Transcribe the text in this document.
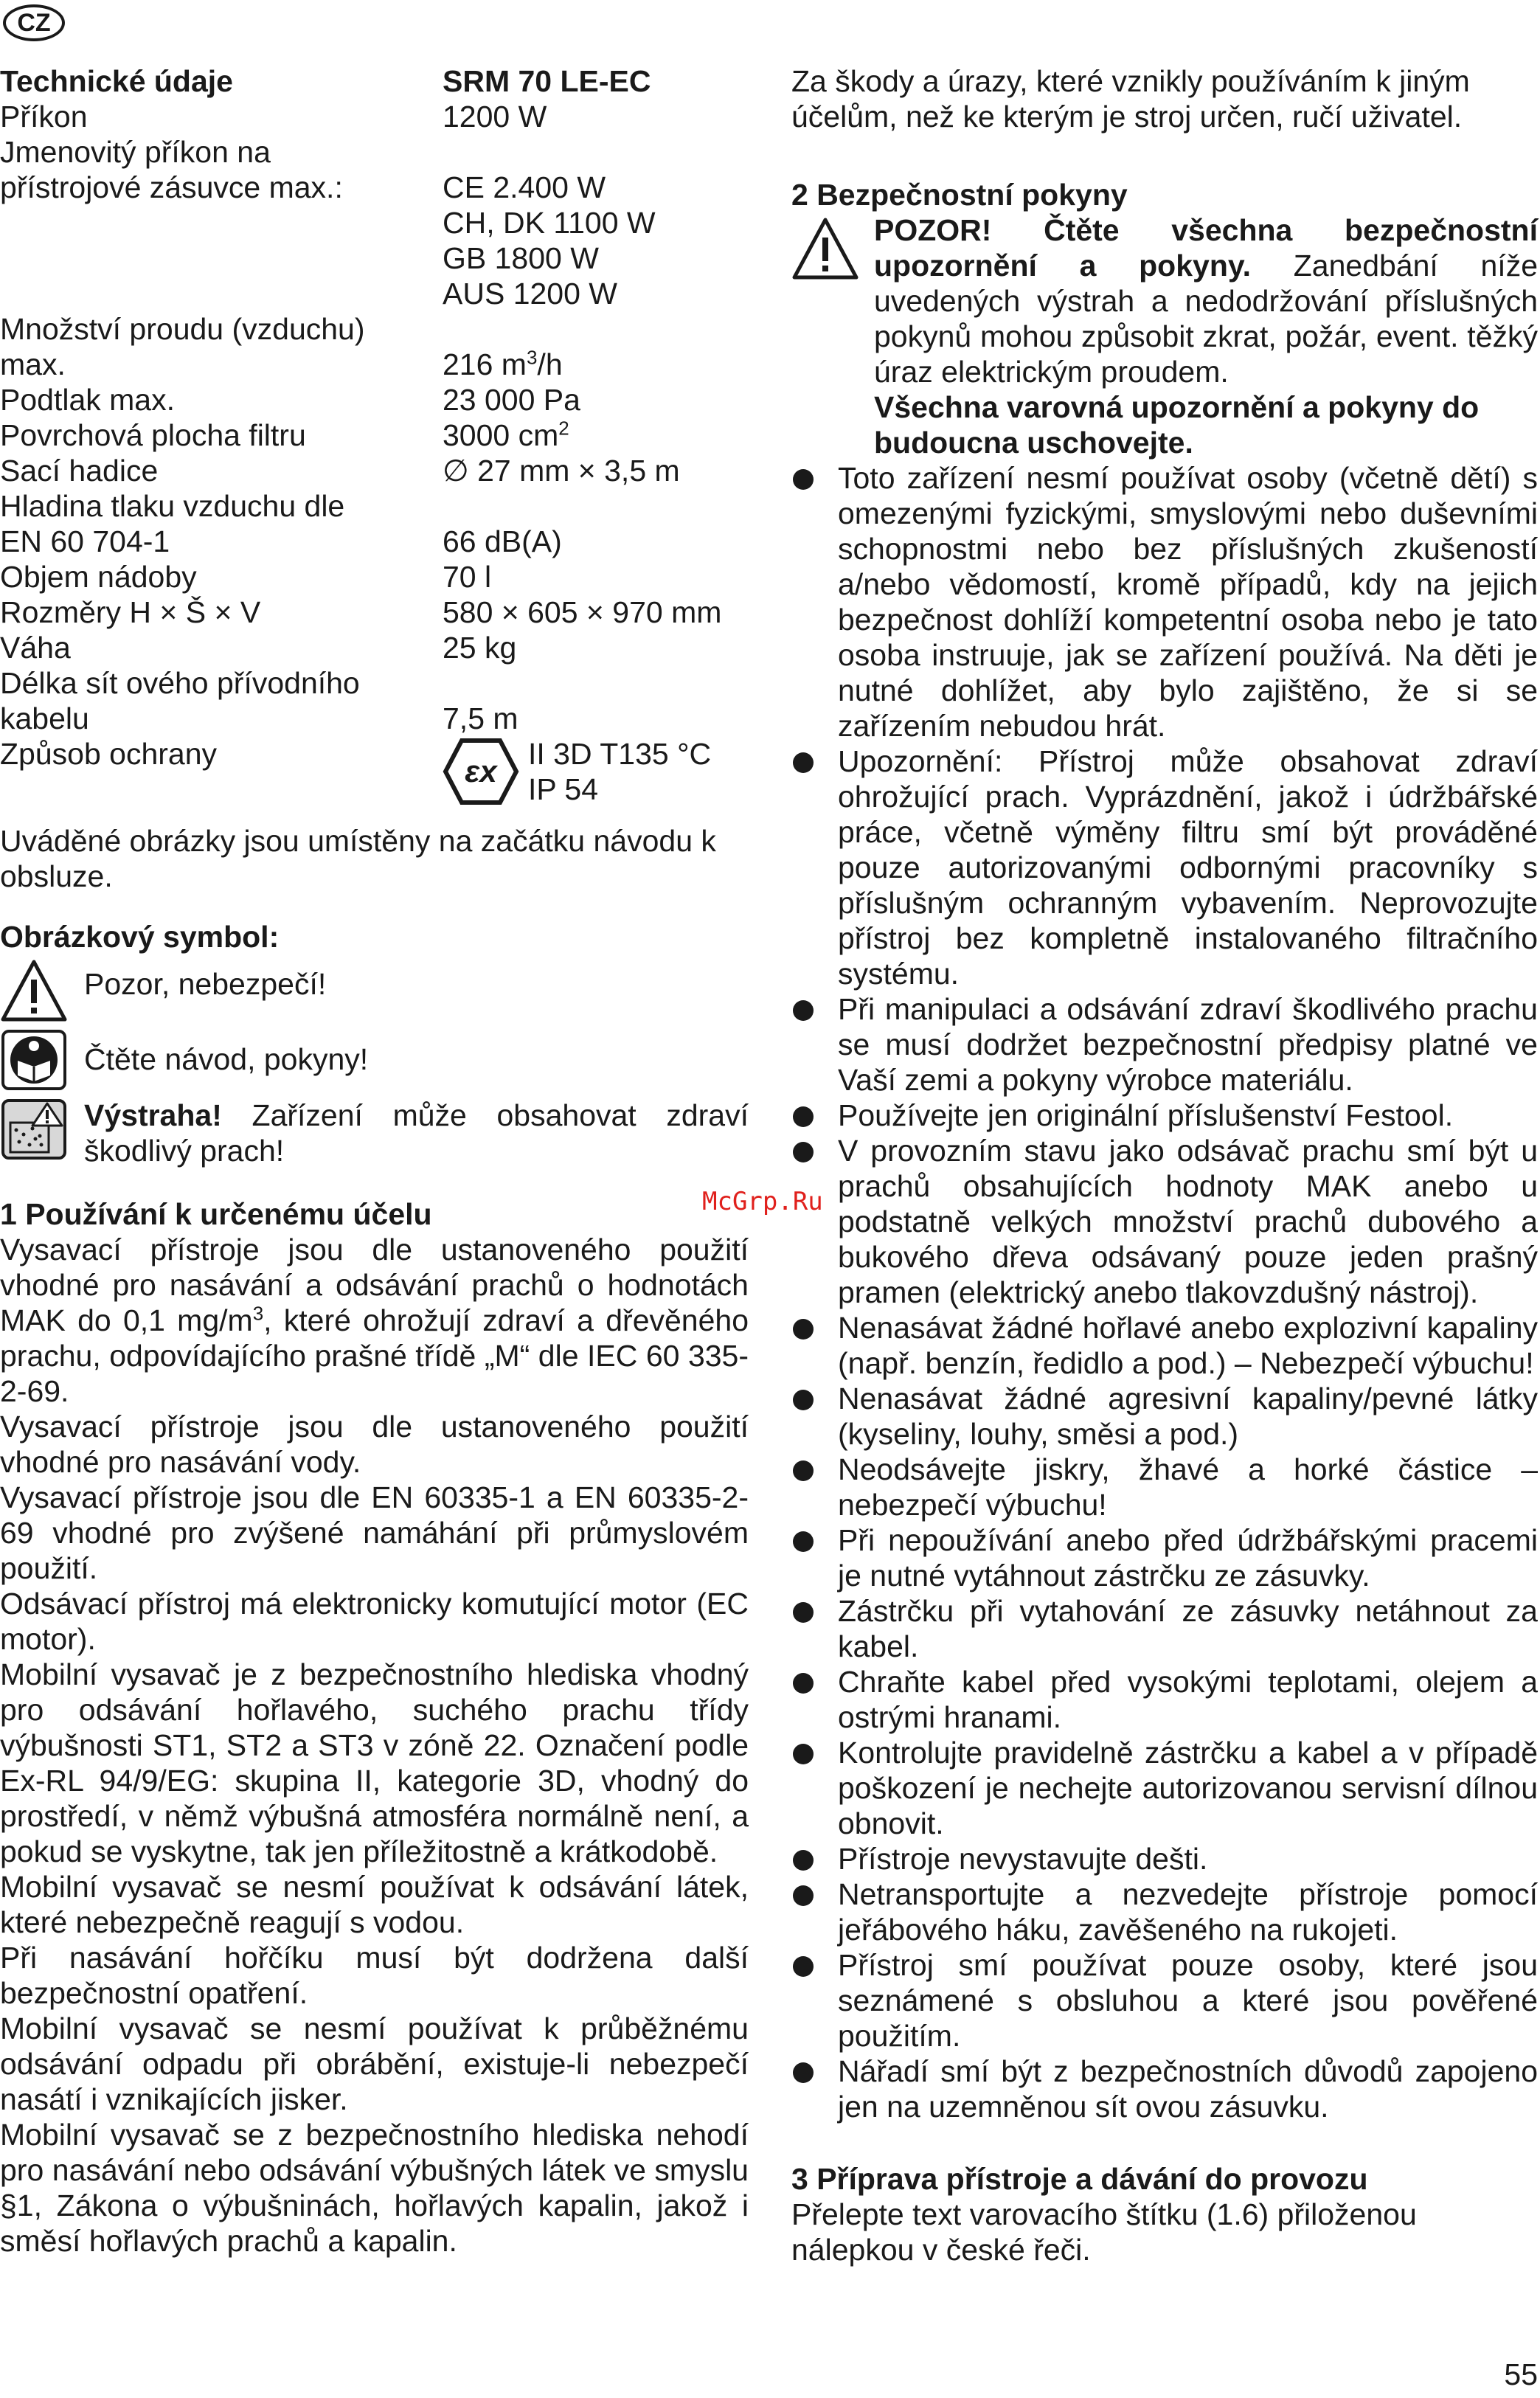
CZ
Technické údaje	SRM 70 LE-EC
Příkon	1200 W
Jmenovitý příkon na
přístrojové zásuvce max.:	CE 2.400 W

CH, DK 1100 W

GB 1800 W

AUS 1200 W
Množství proudu (vzduchu)
max.	216 $m^3/h$
Podtlak max.	23 000 Pa
Povrchová plocha filtru	3000 $cm^2$
Sací hadice	∅ 27 mm × 3,5 m
Hladina tlaku vzduchu dle
EN 60 704-1	66 dB(A)
Objem nádoby	70 l
Rozměry H × Š × V	580 × 605 × 970 mm
Váha	25 kg
Délka sít ového přívodního
kabelu	7,5 m
Způsob ochrany	εx II 3D T135 °C
IP 54

Uváděné obrázky jsou umístěny na začátku návodu k obsluze.

Obrázkový symbol:
Pozor, nebezpečí!
Čtěte návod, pokyny!
Výstraha! Zařízení může obsahovat zdraví škodlivý prach!
1 Používání k určenému účelu

Vysavací přístroje jsou dle ustanoveného použití vhodné pro nasávání a odsávání prachů o hodnotách MAK do 0,1 $mg/m^3$, které ohrožují zdraví a dřevěného prachu, odpovídajícího prašné třídě „M“ dle IEC 60 335-2-69.

Vysavací přístroje jsou dle ustanoveného použití vhodné pro nasávání vody.

Vysavací přístroje jsou dle EN 60335-1 a EN 60335-2-69 vhodné pro zvýšené namáhání při průmyslovém použití.

Odsávací přístroj má elektronicky komutující motor (EC motor).

Mobilní vysavač je z bezpečnostního hlediska vhodný pro odsávání hořlavého, suchého prachu třídy výbušnosti ST1, ST2 a ST3 v zóně 22. Označení podle Ex-RL 94/9/EG: skupina II, kategorie 3D, vhodný do prostředí, v němž výbušná atmosféra normálně není, a pokud se vyskytne, tak jen příležitostně a krátkodobě.

Mobilní vysavač se nesmí používat k odsávání látek, které nebezpečně reagují s vodou.

Při nasávání hořčíku musí být dodržena další bezpečnostní opatření.

Mobilní vysavač se nesmí používat k průběžnému odsávání odpadu při obrábění, existuje-li nebezpečí nasátí i vznikajících jisker.

Mobilní vysavač se z bezpečnostního hlediska nehodí pro nasávání nebo odsávání výbušných látek ve smyslu §1, Zákona o výbušninách, hořlavých kapalin, jakož i směsí hořlavých prachů a kapalin.

Za škody a úrazy, které vznikly používáním k jiným účelům, než ke kterým je stroj určen, ručí uživatel.

2 Bezpečnostní pokyny

POZOR! Čtěte všechna bezpečnostní upozornění a pokyny. Zanedbání níže uvedených výstrah a nedodržování příslušných pokynů mohou způsobit zkrat, požár, event. těžký úraz elektrickým proudem.

Všechna varovná upozornění a pokyny do budoucna uschovejte.

Toto zařízení nesmí používat osoby (včetně dětí) s omezenými fyzickými, smyslovými nebo duševními schopnostmi nebo bez příslušných zkušeností a/nebo vědomostí, kromě případů, kdy na jejich bezpečnost dohlíží kompetentní osoba nebo je tato osoba instruuje, jak se zařízení používá. Na děti je nutné dohlížet, aby bylo zajištěno, že si se zařízením nebudou hrát.
Upozornění: Přístroj může obsahovat zdraví ohrožující prach. Vyprázdnění, jakož i údržbářské práce, včetně výměny filtru smí být prováděné pouze autorizovanými odbornými pracovníky s příslušným ochranným vybavením. Neprovozujte přístroj bez kompletně instalovaného filtračního systému.
Při manipulaci a odsávání zdraví škodlivého prachu se musí dodržet bezpečnostní předpisy platné ve Vaší zemi a pokyny výrobce materiálu.
Používejte jen originální příslušenství Festool.
V provozním stavu jako odsávač prachu smí být u prachů obsahujících hodnoty MAK anebo u podstatně velkých množství prachů dubového a bukového dřeva odsávaný pouze jeden prašný pramen (elektrický anebo tlakovzdušný nástroj).
Nenasávat žádné hořlavé anebo explozivní kapaliny (např. benzín, ředidlo a pod.) – Nebezpečí výbuchu!
Nenasávat žádné agresivní kapaliny/pevné látky (kyseliny, louhy, směsi a pod.)
Neodsávejte jiskry, žhavé a horké částice – nebezpečí výbuchu!
Při nepoužívání anebo před údržbářskými pracemi je nutné vytáhnout zástrčku ze zásuvky.
Zástrčku při vytahování ze zásuvky netáhnout za kabel.
Chraňte kabel před vysokými teplotami, olejem a ostrými hranami.
Kontrolujte pravidelně zástrčku a kabel a v případě poškození je nechejte autorizovanou servisní dílnou obnovit.
Přístroje nevystavujte dešti.
Netransportujte a nezvedejte přístroje pomocí jeřábového háku, zavěšeného na rukojeti.
Přístroj smí používat pouze osoby, které jsou seznámené s obsluhou a které jsou pověřené použitím.
Nářadí smí být z bezpečnostních důvodů zapojeno jen na uzemněnou sít ovou zásuvku.
3 Příprava přístroje a dávání do provozu

Přelepte text varovacího štítku (1.6) přiloženou nálepkou v české řeči.

McGrp.Ru
55
